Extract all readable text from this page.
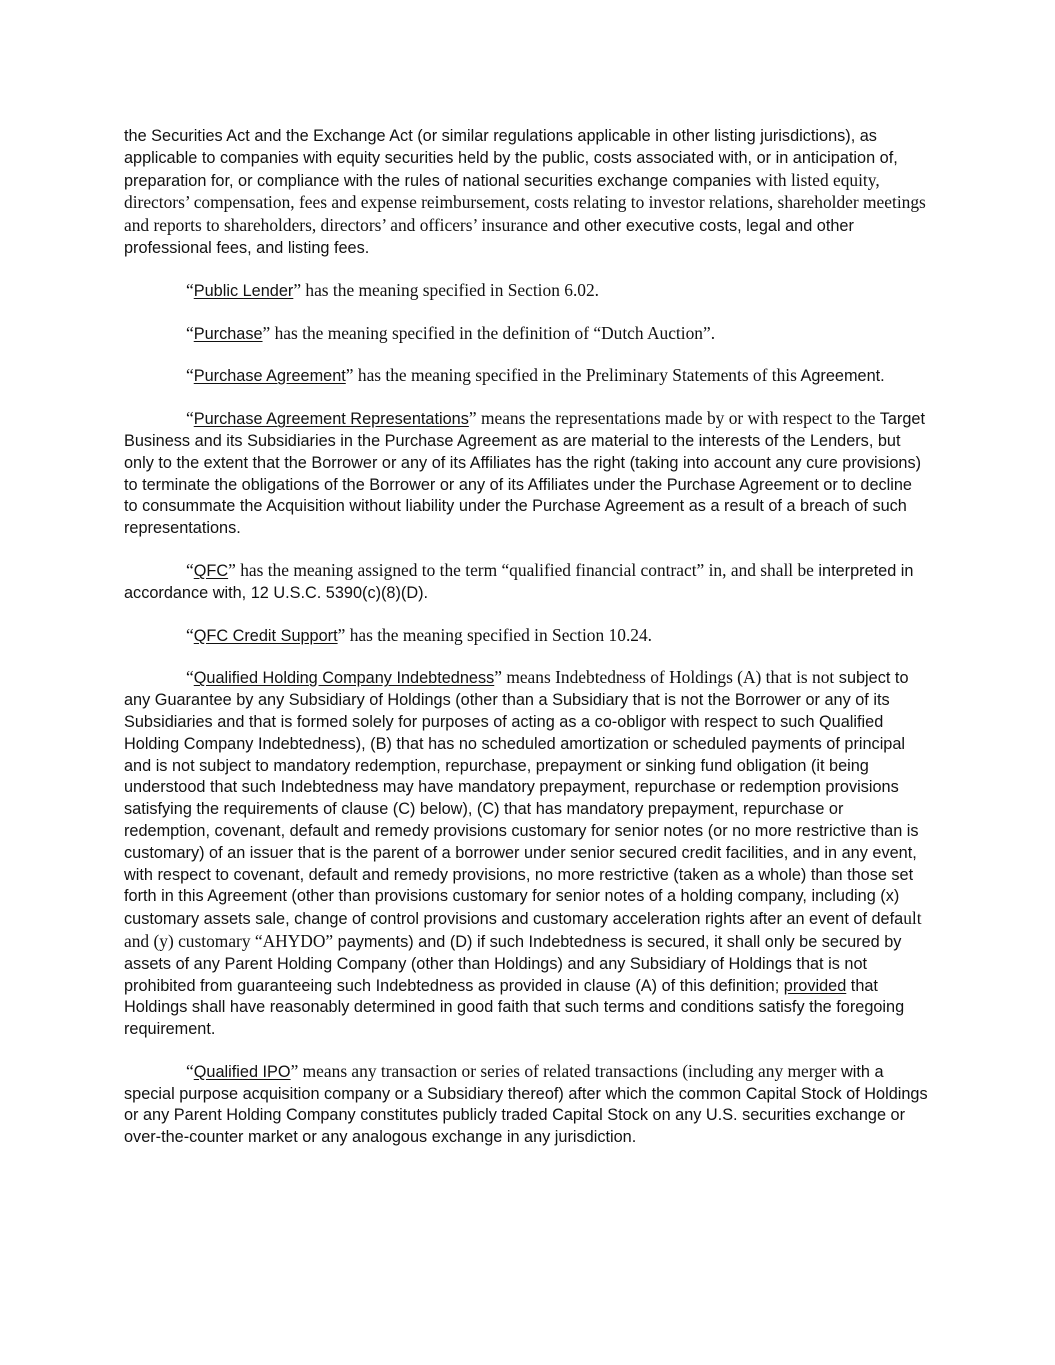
the Securities Act and the Exchange Act (or similar regulations applicable in other listing jurisdictions), as applicable to companies with equity securities held by the public, costs associated with, or in anticipation of, preparation for, or compliance with the rules of national securities exchange companies with listed equity, directors’ compensation, fees and expense reimbursement, costs relating to investor relations, shareholder meetings and reports to shareholders, directors’ and officers’ insurance and other executive costs, legal and other professional fees, and listing fees.

“Public Lender” has the meaning specified in Section 6.02.

“Purchase” has the meaning specified in the definition of “Dutch Auction”.

“Purchase Agreement” has the meaning specified in the Preliminary Statements of this Agreement.

“Purchase Agreement Representations” means the representations made by or with respect to the Target Business and its Subsidiaries in the Purchase Agreement as are material to the interests of the Lenders, but only to the extent that the Borrower or any of its Affiliates has the right (taking into account any cure provisions) to terminate the obligations of the Borrower or any of its Affiliates under the Purchase Agreement or to decline to consummate the Acquisition without liability under the Purchase Agreement as a result of a breach of such representations.

“QFC” has the meaning assigned to the term “qualified financial contract” in, and shall be interpreted in accordance with, 12 U.S.C. 5390(c)(8)(D).

“QFC Credit Support” has the meaning specified in Section 10.24.

“Qualified Holding Company Indebtedness” means Indebtedness of Holdings (A) that is not subject to any Guarantee by any Subsidiary of Holdings (other than a Subsidiary that is not the Borrower or any of its Subsidiaries and that is formed solely for purposes of acting as a co-obligor with respect to such Qualified Holding Company Indebtedness), (B) that has no scheduled amortization or scheduled payments of principal and is not subject to mandatory redemption, repurchase, prepayment or sinking fund obligation (it being understood that such Indebtedness may have mandatory prepayment, repurchase or redemption provisions satisfying the requirements of clause (C) below), (C) that has mandatory prepayment, repurchase or redemption, covenant, default and remedy provisions customary for senior notes (or no more restrictive than is customary) of an issuer that is the parent of a borrower under senior secured credit facilities, and in any event, with respect to covenant, default and remedy provisions, no more restrictive (taken as a whole) than those set forth in this Agreement (other than provisions customary for senior notes of a holding company, including (x) customary assets sale, change of control provisions and customary acceleration rights after an event of default and (y) customary “AHYDO” payments) and (D) if such Indebtedness is secured, it shall only be secured by assets of any Parent Holding Company (other than Holdings) and any Subsidiary of Holdings that is not prohibited from guaranteeing such Indebtedness as provided in clause (A) of this definition; provided that Holdings shall have reasonably determined in good faith that such terms and conditions satisfy the foregoing requirement.

“Qualified IPO” means any transaction or series of related transactions (including any merger with a special purpose acquisition company or a Subsidiary thereof) after which the common Capital Stock of Holdings or any Parent Holding Company constitutes publicly traded Capital Stock on any U.S. securities exchange or over-the-counter market or any analogous exchange in any jurisdiction.
